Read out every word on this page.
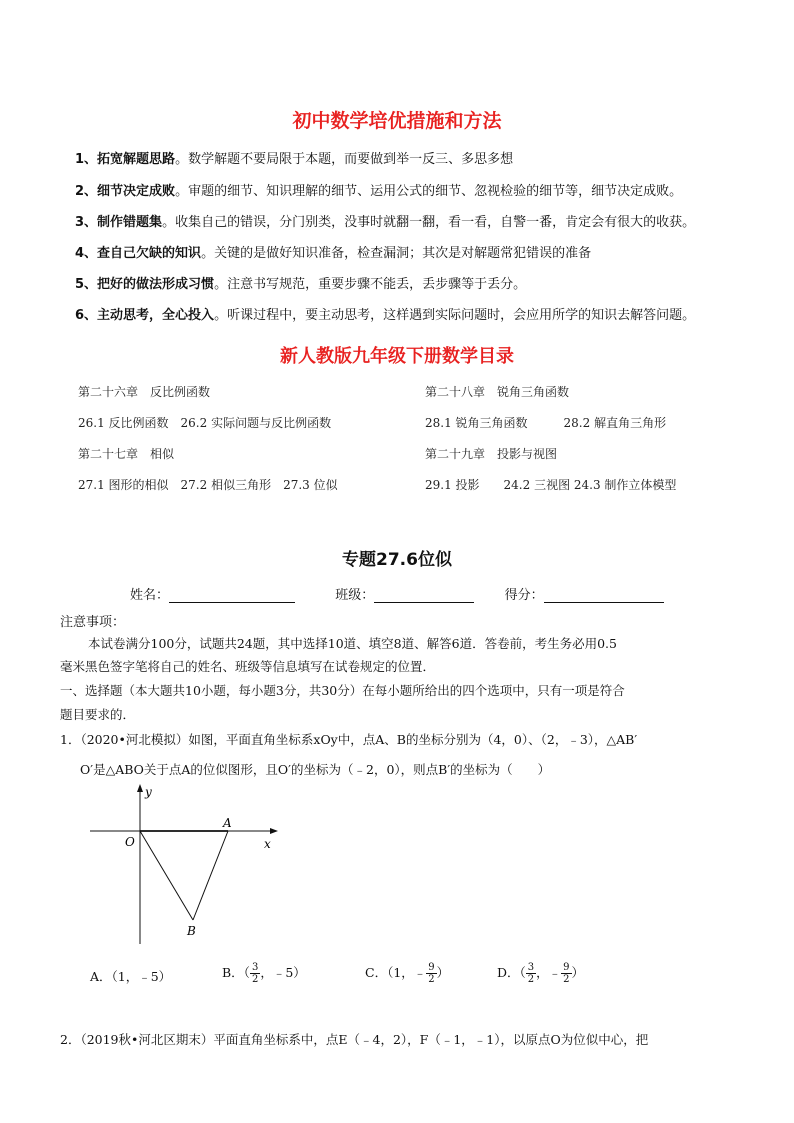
初中数学培优措施和方法
1、拓宽解题思路。数学解题不要局限于本题，而要做到举一反三、多思多想
2、细节决定成败。审题的细节、知识理解的细节、运用公式的细节、忽视检验的细节等，细节决定成败。
3、制作错题集。收集自己的错误，分门别类，没事时就翻一翻，看一看，自警一番，肯定会有很大的收获。
4、查自己欠缺的知识。关键的是做好知识准备，检查漏洞；其次是对解题常犯错误的准备
5、把好的做法形成习惯。注意书写规范，重要步骤不能丢，丢步骤等于丢分。
6、主动思考，全心投入。听课过程中，要主动思考，这样遇到实际问题时，会应用所学的知识去解答问题。
新人教版九年级下册数学目录
第二十六章　反比例函数
26.1 反比例函数　26.2 实际问题与反比例函数
第二十七章　相似
27.1 图形的相似　27.2 相似三角形　27.3 位似
第二十八章　锐角三角函数
28.1 锐角三角函数　　　28.2 解直角三角形
第二十九章　投影与视图
29.1 投影　　24.2 三视图 24.3 制作立体模型
专题27.6位似
姓名：	班级：	得分：
注意事项：
本试卷满分100分，试题共24题，其中选择10道、填空8道、解答6道．答卷前，考生务必用0.5
毫米黑色签字笔将自己的姓名、班级等信息填写在试卷规定的位置．
一、选择题（本大题共10小题，每小题3分，共30分）在每小题所给出的四个选项中，只有一项是符合
题目要求的．
1．（2020•河北模拟）如图，平面直角坐标系xOy中，点A、B的坐标分别为（4，0）、（2，﹣3），△AB′
O′是△ABO关于点A的位似图形，且O′的坐标为（﹣2，0），则点B′的坐标为（　　）
y
x
O
A
B
A．（1，﹣5）	B．（ $\frac{3}{2}$ ，﹣5）	C．（1，﹣ $\frac{9}{2}$ ）	D．（ $\frac{3}{2}$ ，﹣ $\frac{9}{2}$ ）
2．（2019秋•河北区期末）平面直角坐标系中，点E（﹣4，2），F（﹣1，﹣1），以原点O为位似中心，把
